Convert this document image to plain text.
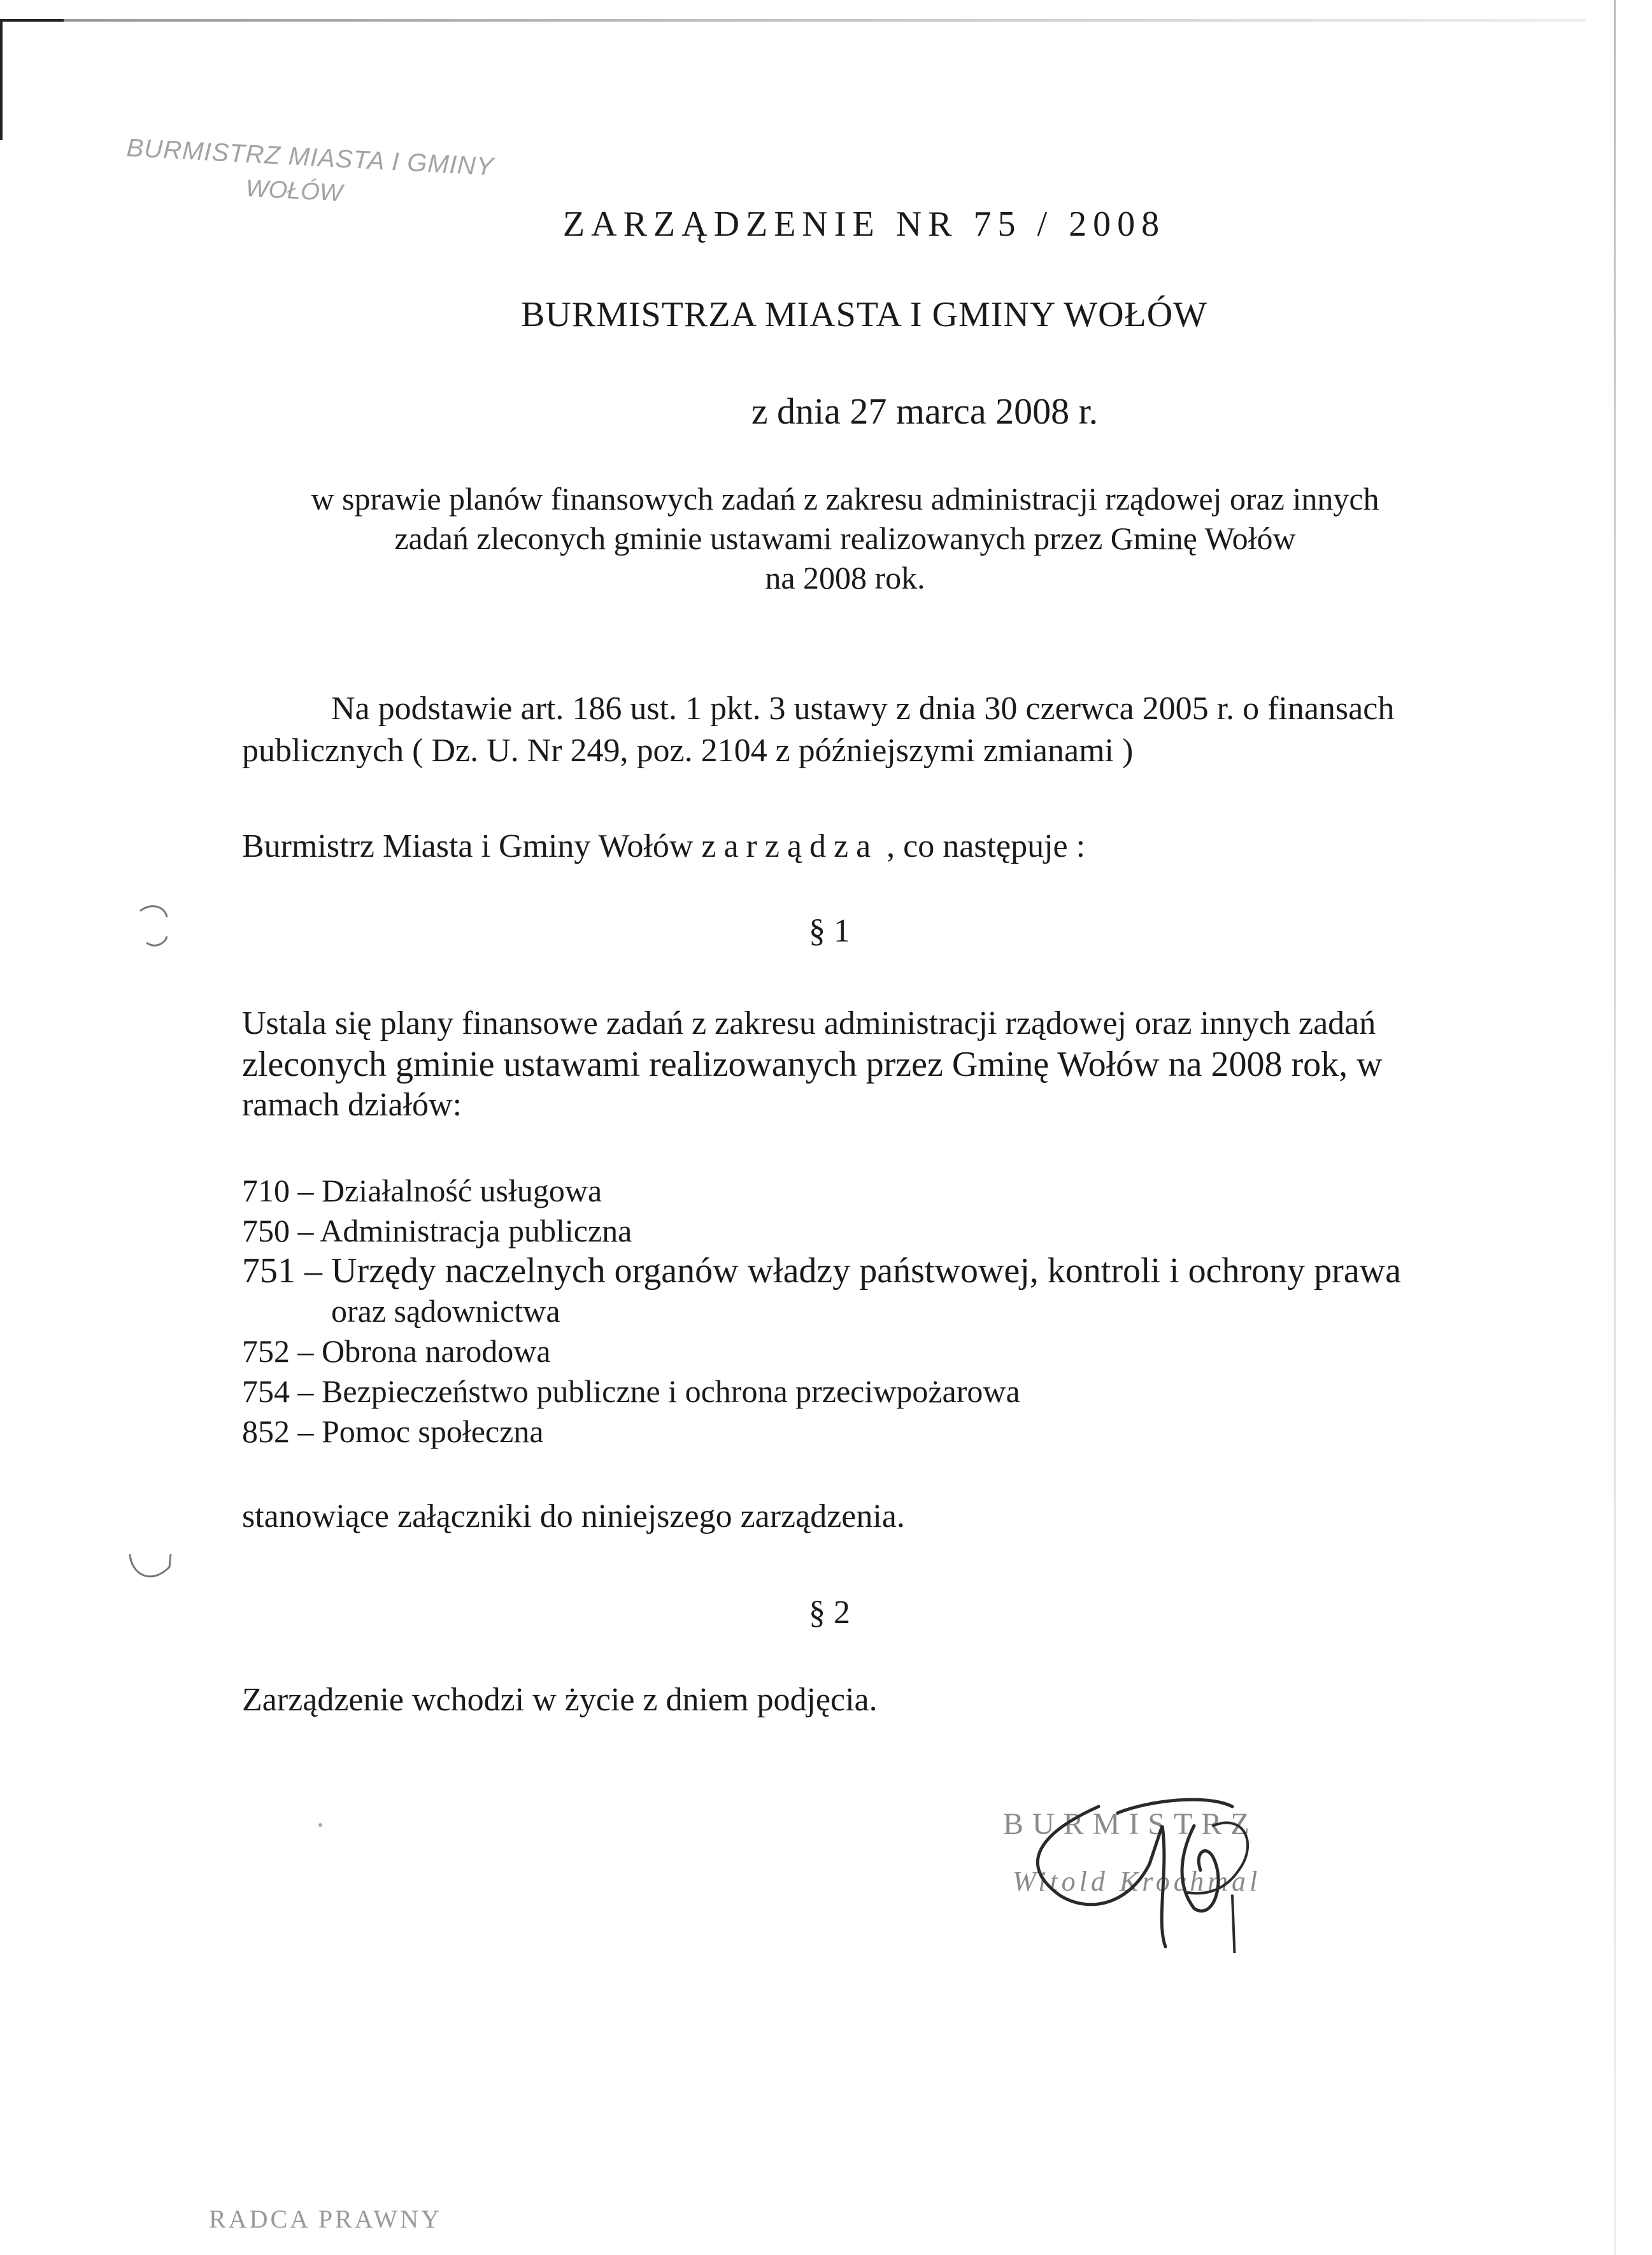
BURMISTRZ MIASTA I GMINY
WOŁÓW
ZARZĄDZENIE NR 75 / 2008
BURMISTRZA MIASTA I GMINY WOŁÓW
z dnia 27 marca 2008 r.
w sprawie planów finansowych zadań z zakresu administracji rządowej oraz innych
zadań zleconych gminie ustawami realizowanych przez Gminę Wołów
na 2008 rok.
Na podstawie art. 186 ust. 1 pkt. 3 ustawy z dnia 30 czerwca 2005 r. o finansach
publicznych ( Dz. U. Nr 249, poz. 2104 z późniejszymi zmianami )
Burmistrz Miasta i Gminy Wołów zarządza , co następuje :
§ 1
Ustala się plany finansowe zadań z zakresu administracji rządowej oraz innych zadań
zleconych gminie ustawami realizowanych przez Gminę Wołów na 2008 rok, w
ramach działów:
710 – Działalność usługowa
750 – Administracja publiczna
751 – Urzędy naczelnych organów władzy państwowej, kontroli i ochrony prawa
oraz sądownictwa
752 – Obrona narodowa
754 – Bezpieczeństwo publiczne i ochrona przeciwpożarowa
852 – Pomoc społeczna
stanowiące załączniki do niniejszego zarządzenia.
§ 2
Zarządzenie wchodzi w życie z dniem podjęcia.
BURMISTRZ
Witold Krochmal
RADCA PRAWNY
